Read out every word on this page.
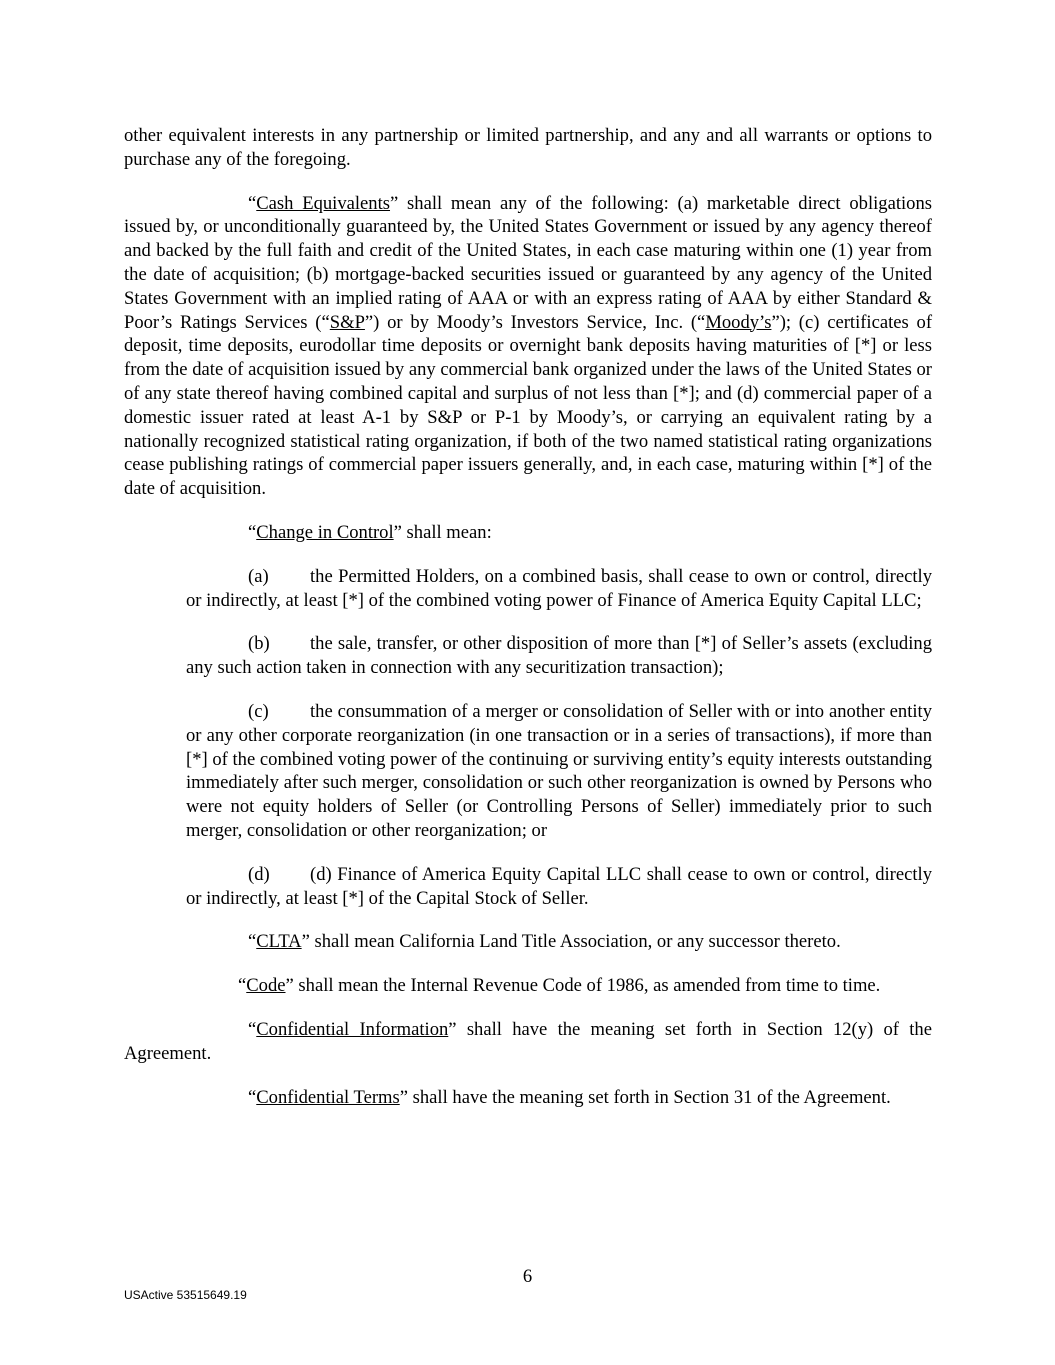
other equivalent interests in any partnership or limited partnership, and any and all warrants or options to purchase any of the foregoing.

“Cash Equivalents” shall mean any of the following: (a) marketable direct obligations issued by, or unconditionally guaranteed by, the United States Government or issued by any agency thereof and backed by the full faith and credit of the United States, in each case maturing within one (1) year from the date of acquisition; (b) mortgage-backed securities issued or guaranteed by any agency of the United States Government with an implied rating of AAA or with an express rating of AAA by either Standard & Poor’s Ratings Services (“S&P”) or by Moody’s Investors Service, Inc. (“Moody’s”); (c) certificates of deposit, time deposits, eurodollar time deposits or overnight bank deposits having maturities of [*] or less from the date of acquisition issued by any commercial bank organized under the laws of the United States or of any state thereof having combined capital and surplus of not less than [*]; and (d) commercial paper of a domestic issuer rated at least A-1 by S&P or P-1 by Moody’s, or carrying an equivalent rating by a nationally recognized statistical rating organization, if both of the two named statistical rating organizations cease publishing ratings of commercial paper issuers generally, and, in each case, maturing within [*] of the date of acquisition.

“Change in Control” shall mean:

(a) the Permitted Holders, on a combined basis, shall cease to own or control, directly or indirectly, at least [*] of the combined voting power of Finance of America Equity Capital LLC;

(b) the sale, transfer, or other disposition of more than [*] of Seller’s assets (excluding any such action taken in connection with any securitization transaction);

(c) the consummation of a merger or consolidation of Seller with or into another entity or any other corporate reorganization (in one transaction or in a series of transactions), if more than [*] of the combined voting power of the continuing or surviving entity’s equity interests outstanding immediately after such merger, consolidation or such other reorganization is owned by Persons who were not equity holders of Seller (or Controlling Persons of Seller) immediately prior to such merger, consolidation or other reorganization; or

(d) (d) Finance of America Equity Capital LLC shall cease to own or control, directly or indirectly, at least [*] of the Capital Stock of Seller.

“CLTA” shall mean California Land Title Association, or any successor thereto.

“Code” shall mean the Internal Revenue Code of 1986, as amended from time to time.

“Confidential Information” shall have the meaning set forth in Section 12(y) of the Agreement.

“Confidential Terms” shall have the meaning set forth in Section 31 of the Agreement.

6
USActive 53515649.19
